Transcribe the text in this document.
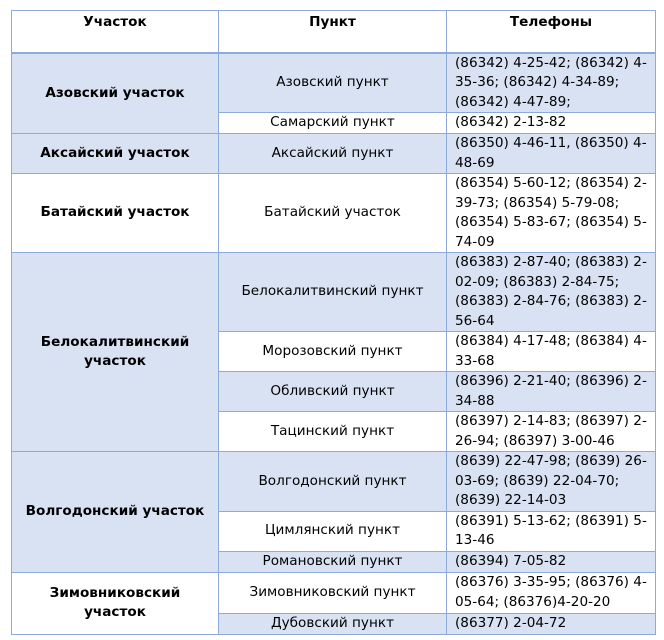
Участок	Пункт	Телефоны
Азовский участок	Азовский пункт	(86342) 4-25-42; (86342) 4-35-36; (86342) 4-34-89; (86342) 4-47-89;
	Самарский пункт	(86342) 2-13-82
Аксайский участок	Аксайский пункт	(86350) 4-46-11, (86350) 4-48-69
Батайский участок	Батайский участок	(86354) 5-60-12; (86354) 2-39-73; (86354) 5-79-08; (86354) 5-83-67; (86354) 5-74-09
Белокалитвинский участок	Белокалитвинский пункт	(86383) 2-87-40; (86383) 2-02-09; (86383) 2-84-75; (86383) 2-84-76; (86383) 2-56-64
	Морозовский пункт	(86384) 4-17-48; (86384) 4-33-68
	Обливский пункт	(86396) 2-21-40; (86396) 2-34-88
	Тацинский пункт	(86397) 2-14-83; (86397) 2-26-94; (86397) 3-00-46
Волгодонский участок	Волгодонский пункт	(8639) 22-47-98; (8639) 26-03-69; (8639) 22-04-70; (8639) 22-14-03
	Цимлянский пункт	(86391) 5-13-62; (86391) 5-13-46
	Романовский пункт	(86394) 7-05-82
Зимовниковский участок	Зимовниковский пункт	(86376) 3-35-95; (86376) 4-05-64; (86376)4-20-20
	Дубовский пункт	(86377) 2-04-72
